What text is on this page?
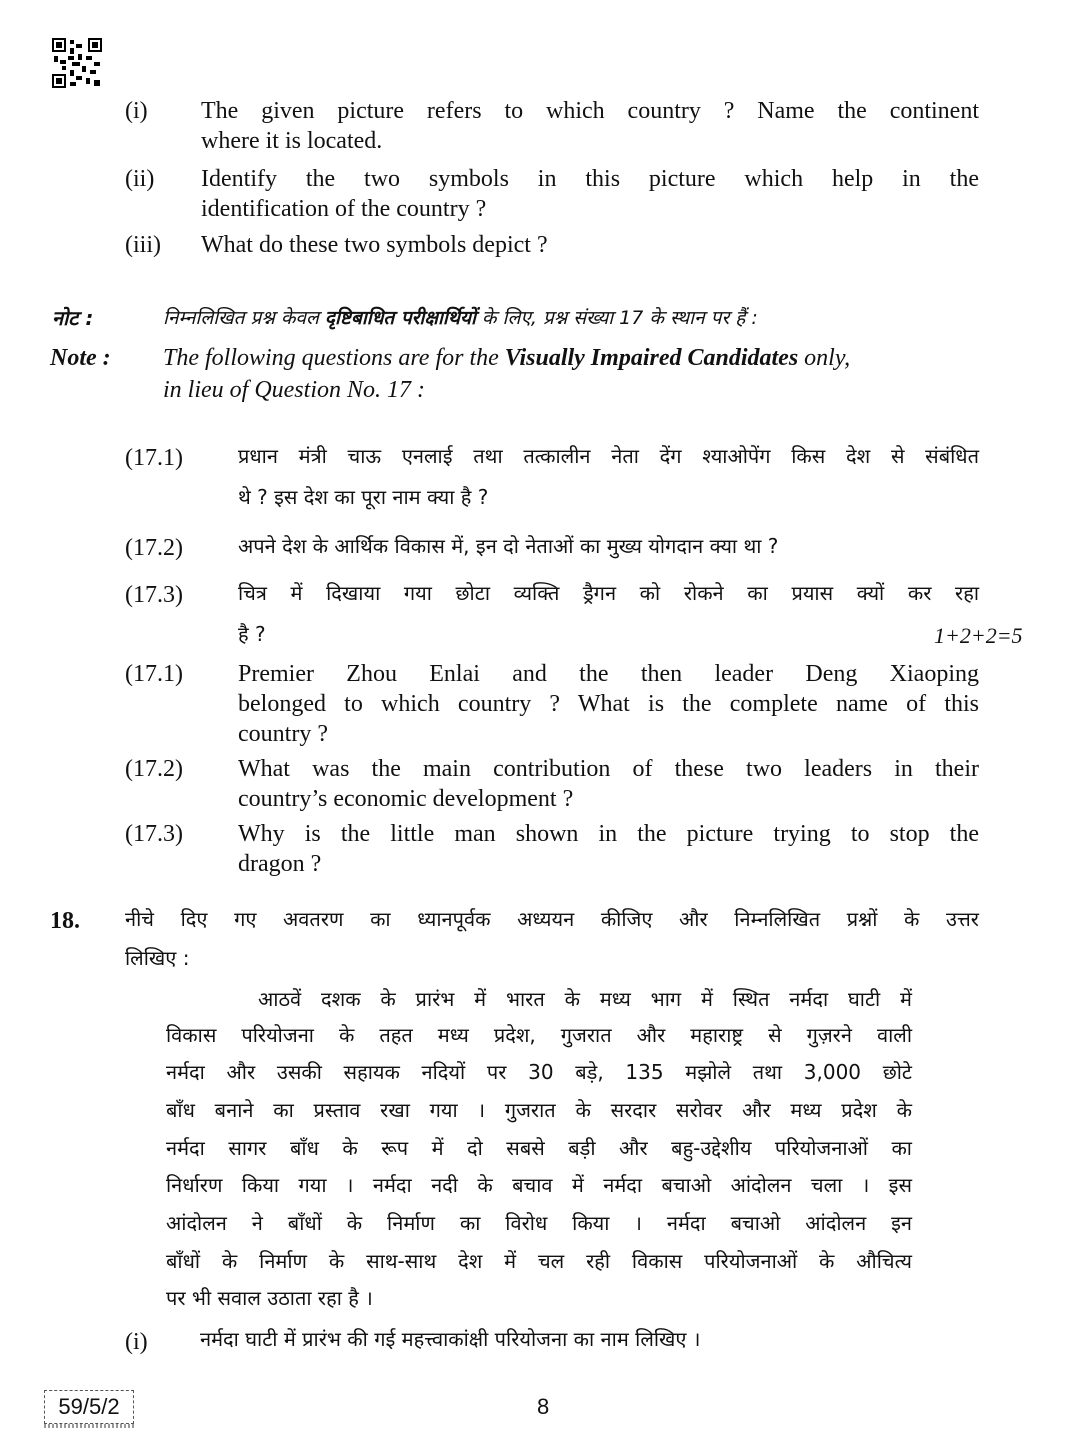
(i) The given picture refers to which country ? Name the continent
where it is located.
(ii) Identify the two symbols in this picture which help in the
identification of the country ?
(iii) What do these two symbols depict ?
नोट :	निम्नलिखित प्रश्न केवल दृष्टिबाधित परीक्षार्थियों के लिए, प्रश्न संख्या 17 के स्थान पर हैं :
Note : The following questions are for the Visually Impaired Candidates only,
in lieu of Question No. 17 :
(17.1)	प्रधान मंत्री चाऊ एनलाई तथा तत्कालीन नेता देंग श्याओपेंग किस देश से संबंधित
थे ? इस देश का पूरा नाम क्या है ?
(17.2)	अपने देश के आर्थिक विकास में, इन दो नेताओं का मुख्य योगदान क्या था ?
(17.3)	चित्र में दिखाया गया छोटा व्यक्ति ड्रैगन को रोकने का प्रयास क्यों कर रहा
है ?	1+2+2=5
(17.1) Premier Zhou Enlai and the then leader Deng Xiaoping
belonged to which country ? What is the complete name of this
country ?
(17.2) What was the main contribution of these two leaders in their
country’s economic development ?
(17.3) Why is the little man shown in the picture trying to stop the
dragon ?
18. नीचे दिए गए अवतरण का ध्यानपूर्वक अध्ययन कीजिए और निम्नलिखित प्रश्नों के उत्तर
लिखिए :
आठवें दशक के प्रारंभ में भारत के मध्य भाग में स्थित नर्मदा घाटी में
विकास परियोजना के तहत मध्य प्रदेश, गुजरात और महाराष्ट्र से गुज़रने वाली
नर्मदा और उसकी सहायक नदियों पर 30 बड़े, 135 मझोले तथा 3,000 छोटे
बाँध बनाने का प्रस्ताव रखा गया । गुजरात के सरदार सरोवर और मध्य प्रदेश के
नर्मदा सागर बाँध के रूप में दो सबसे बड़ी और बहु-उद्देशीय परियोजनाओं का
निर्धारण किया गया । नर्मदा नदी के बचाव में नर्मदा बचाओ आंदोलन चला । इस
आंदोलन ने बाँधों के निर्माण का विरोध किया । नर्मदा बचाओ आंदोलन इन
बाँधों के निर्माण के साथ-साथ देश में चल रही विकास परियोजनाओं के औचित्य
पर भी सवाल उठाता रहा है ।
(i)	नर्मदा घाटी में प्रारंभ की गई महत्त्वाकांक्षी परियोजना का नाम लिखिए ।
59/5/2	8
